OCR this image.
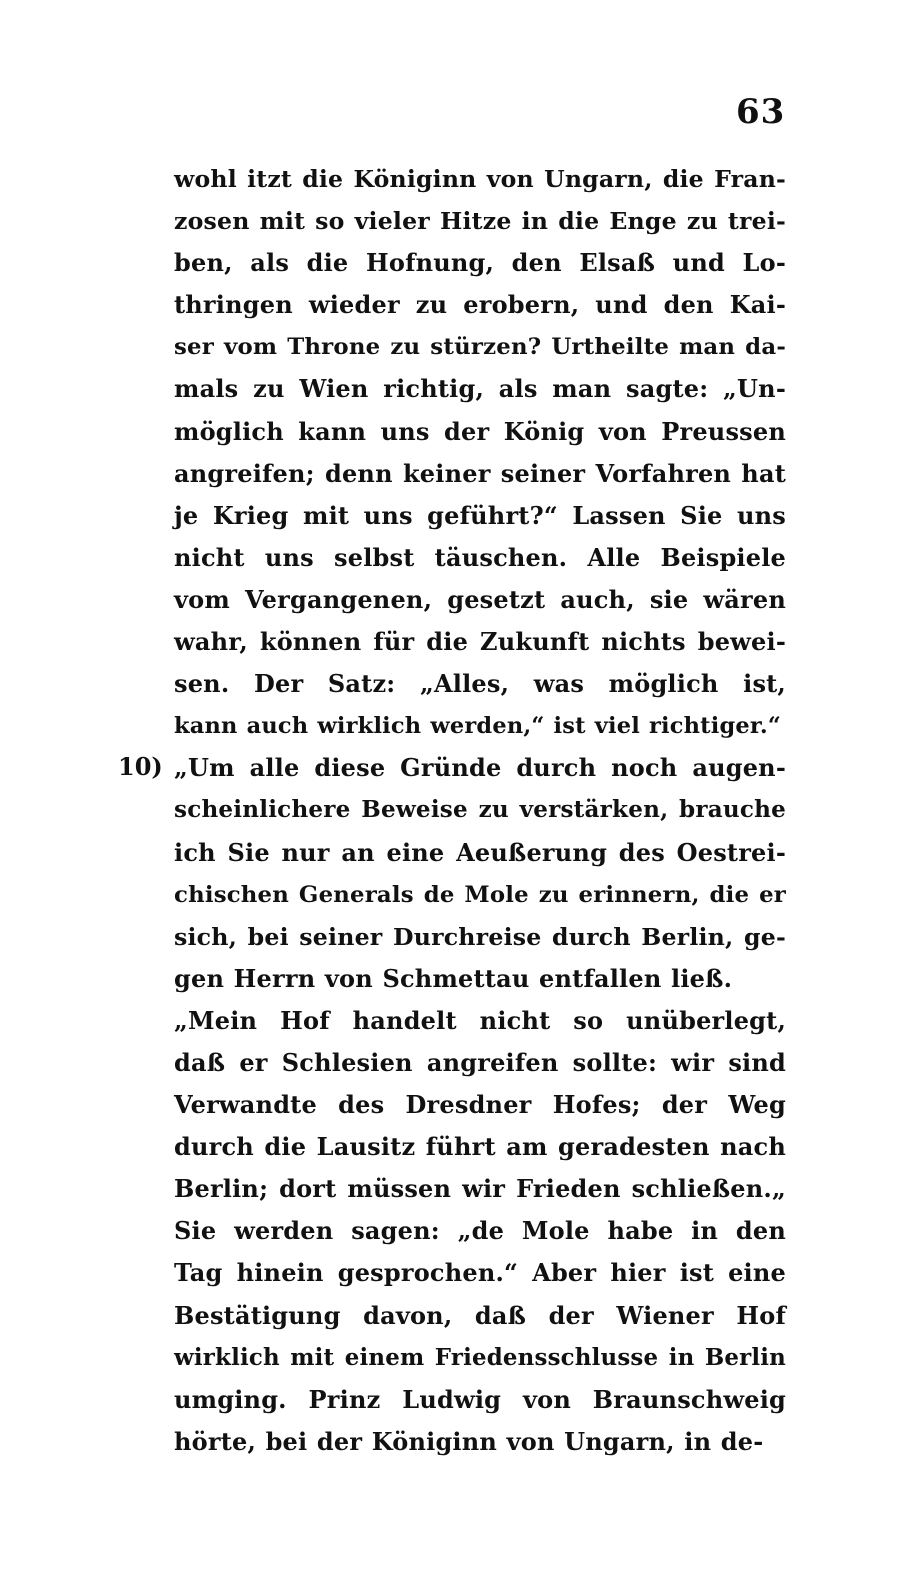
63
10)
wohl itzt die Königinn von Ungarn, die Fran-
zosen mit so vieler Hitze in die Enge zu trei-
ben, als die Hofnung, den Elsaß und Lo-
thringen wieder zu erobern, und den Kai-
ser vom Throne zu stürzen? Urtheilte man da-
mals zu Wien richtig, als man sagte: „Un-
möglich kann uns der König von Preussen
angreifen; denn keiner seiner Vorfahren hat
je Krieg mit uns geführt?“ Lassen Sie uns
nicht uns selbst täuschen. Alle Beispiele
vom Vergangenen, gesetzt auch, sie wären
wahr, können für die Zukunft nichts bewei-
sen. Der Satz: „Alles, was möglich ist,
kann auch wirklich werden,“ ist viel richtiger.“
„Um alle diese Gründe durch noch augen-
scheinlichere Beweise zu verstärken, brauche
ich Sie nur an eine Aeußerung des Oestrei-
chischen Generals de Mole zu erinnern, die er
sich, bei seiner Durchreise durch Berlin, ge-
gen Herrn von Schmettau entfallen ließ.
„Mein Hof handelt nicht so unüberlegt,
daß er Schlesien angreifen sollte: wir sind
Verwandte des Dresdner Hofes; der Weg
durch die Lausitz führt am geradesten nach
Berlin; dort müssen wir Frieden schließen.„
Sie werden sagen: „de Mole habe in den
Tag hinein gesprochen.“ Aber hier ist eine
Bestätigung davon, daß der Wiener Hof
wirklich mit einem Friedensschlusse in Berlin
umging. Prinz Ludwig von Braunschweig
hörte, bei der Königinn von Ungarn, in de-
